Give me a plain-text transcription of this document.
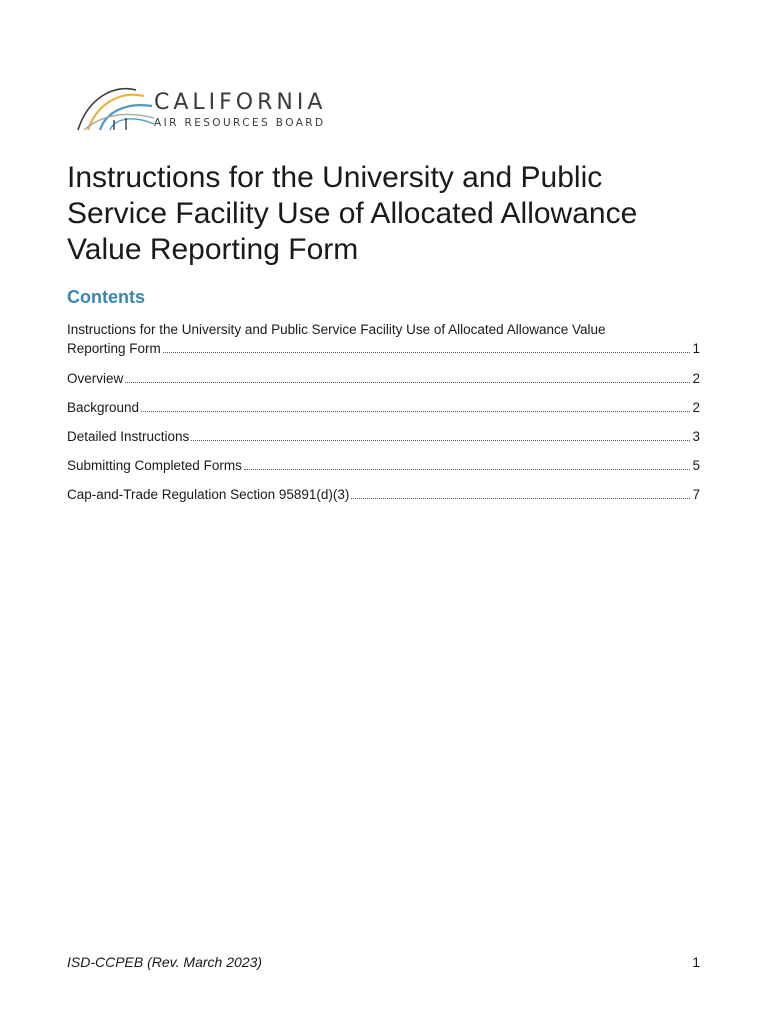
CALIFORNIA
AIR RESOURCES BOARD
Instructions for the University and Public Service Facility Use of Allocated Allowance Value Reporting Form
Contents
Instructions for the University and Public Service Facility Use of Allocated Allowance Value
Reporting Form	1
Overview	2
Background	2
Detailed Instructions	3
Submitting Completed Forms	5
Cap-and-Trade Regulation Section 95891(d)(3)	7
ISD-CCPEB (Rev. March 2023)	1
